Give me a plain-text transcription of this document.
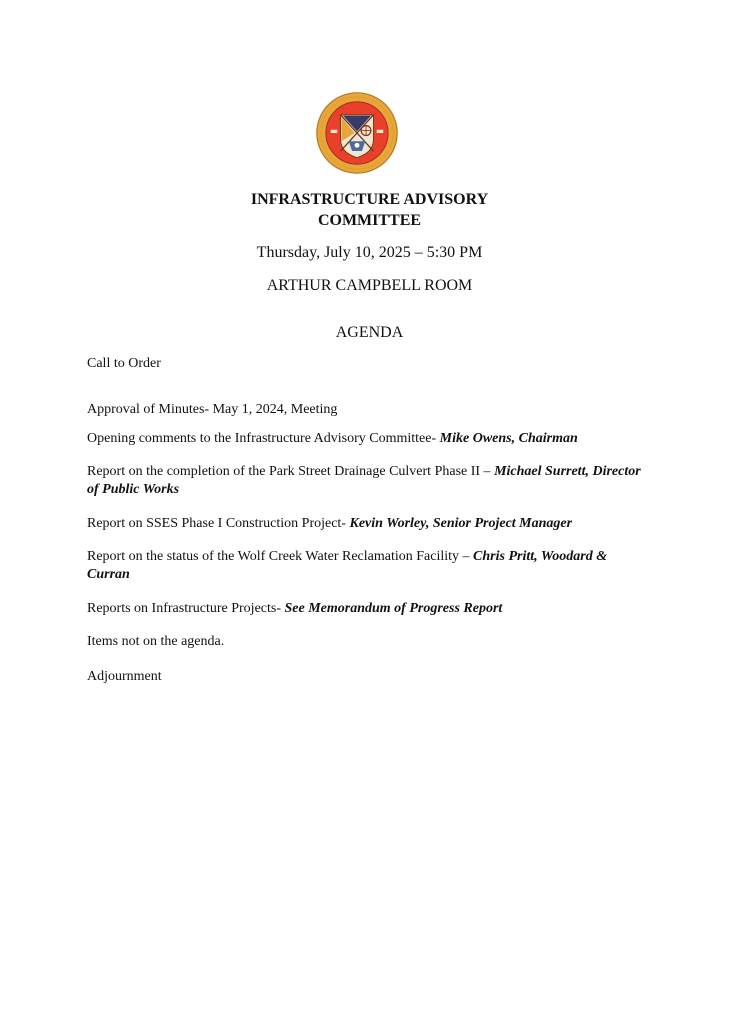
INFRASTRUCTURE ADVISORY
COMMITTEE
Thursday, July 10, 2025 – 5:30 PM
ARTHUR CAMPBELL ROOM
AGENDA
Call to Order
Approval of Minutes- May 1, 2024, Meeting
Opening comments to the Infrastructure Advisory Committee- Mike Owens, Chairman
Report on the completion of the Park Street Drainage Culvert Phase II – Michael Surrett, Director of Public Works
Report on SSES Phase I Construction Project- Kevin Worley, Senior Project Manager
Report on the status of the Wolf Creek Water Reclamation Facility – Chris Pritt, Woodard & Curran
Reports on Infrastructure Projects- See Memorandum of Progress Report
Items not on the agenda.
Adjournment
